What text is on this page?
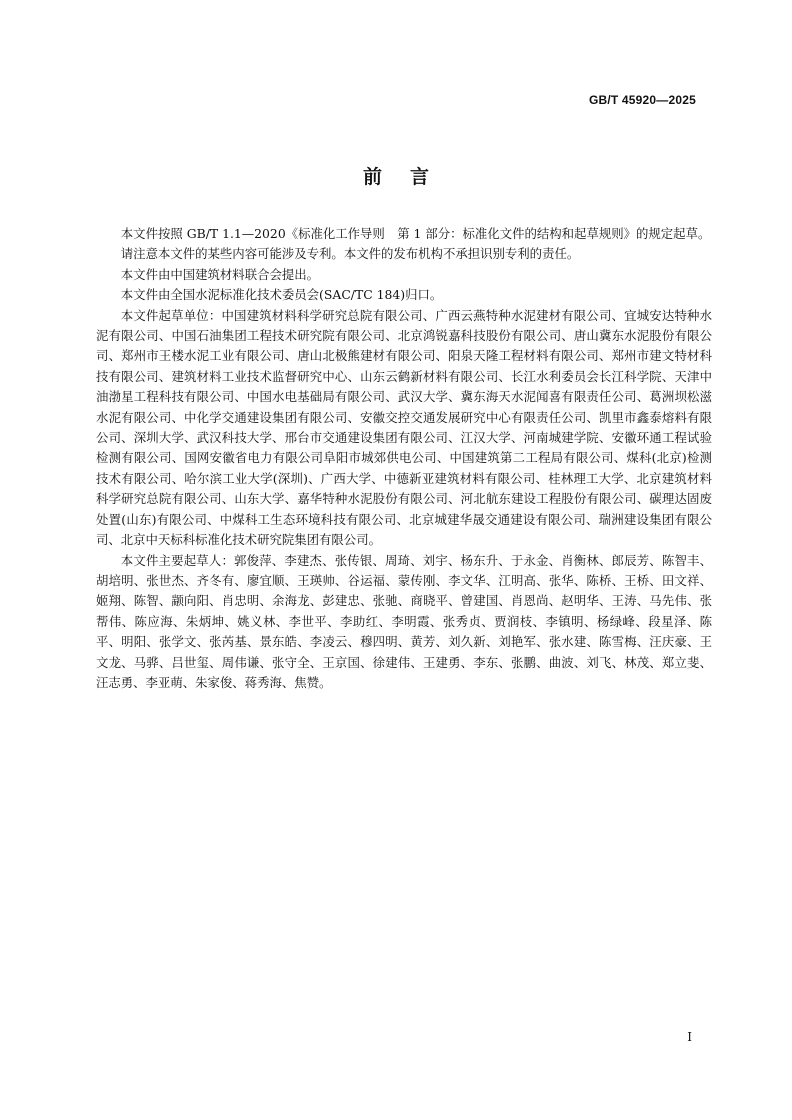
GB/T 45920—2025
前言

本文件按照 GB/T 1.1—2020《标准化工作导则　第 1 部分：标准化文件的结构和起草规则》的规定起草。

请注意本文件的某些内容可能涉及专利。本文件的发布机构不承担识别专利的责任。

本文件由中国建筑材料联合会提出。

本文件由全国水泥标准化技术委员会(SAC/TC 184)归口。

本文件起草单位：中国建筑材料科学研究总院有限公司、广西云燕特种水泥建材有限公司、宜城安达特种水泥有限公司、中国石油集团工程技术研究院有限公司、北京鸿锐嘉科技股份有限公司、唐山冀东水泥股份有限公司、郑州市王楼水泥工业有限公司、唐山北极熊建材有限公司、阳泉天隆工程材料有限公司、郑州市建文特材科技有限公司、建筑材料工业技术监督研究中心、山东云鹤新材料有限公司、长江水利委员会长江科学院、天津中油渤星工程科技有限公司、中国水电基础局有限公司、武汉大学、冀东海天水泥闻喜有限责任公司、葛洲坝松滋水泥有限公司、中化学交通建设集团有限公司、安徽交控交通发展研究中心有限责任公司、凯里市鑫泰熔料有限公司、深圳大学、武汉科技大学、邢台市交通建设集团有限公司、江汉大学、河南城建学院、安徽环通工程试验检测有限公司、国网安徽省电力有限公司阜阳市城郊供电公司、中国建筑第二工程局有限公司、煤科(北京)检测技术有限公司、哈尔滨工业大学(深圳)、广西大学、中德新亚建筑材料有限公司、桂林理工大学、北京建筑材料科学研究总院有限公司、山东大学、嘉华特种水泥股份有限公司、河北航东建设工程股份有限公司、碳理达固废处置(山东)有限公司、中煤科工生态环境科技有限公司、北京城建华晟交通建设有限公司、瑞洲建设集团有限公司、北京中天标科标准化技术研究院集团有限公司。

本文件主要起草人：郭俊萍、李建杰、张传银、周琦、刘宇、杨东升、于永金、肖衡林、郎辰芳、陈智丰、胡培明、张世杰、齐冬有、廖宜顺、王瑛帅、谷运福、蒙传刚、李文华、江明高、张华、陈桥、王桥、田文祥、姬翔、陈智、颛向阳、肖忠明、余海龙、彭建忠、张驰、商晓平、曾建国、肖恩尚、赵明华、王涛、马先伟、张帮伟、陈应海、朱炳坤、姚义林、李世平、李助红、李明霞、张秀贞、贾润枝、李镇明、杨绿峰、段星泽、陈平、明阳、张学文、张芮基、景东皓、李凌云、穆四明、黄芳、刘久新、刘艳军、张水建、陈雪梅、汪庆豪、王文龙、马骅、吕世玺、周伟谦、张守全、王京国、徐建伟、王建勇、李东、张鹏、曲波、刘飞、林茂、郑立斐、汪志勇、李亚萌、朱家俊、蒋秀海、焦赞。

I
